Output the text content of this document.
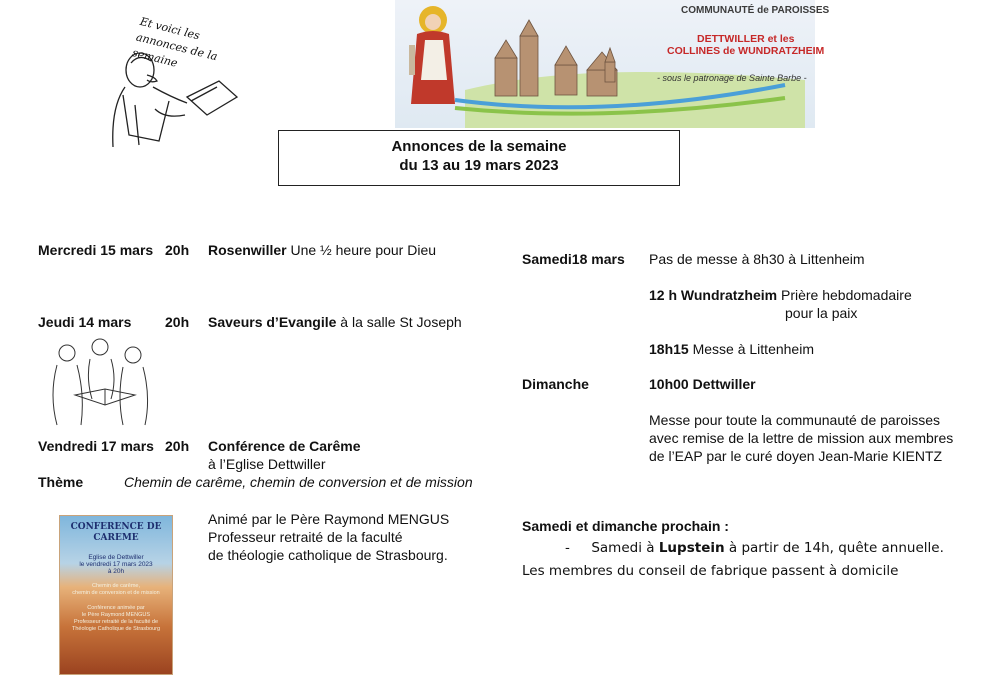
Et voici les annonces de la semaine
COMMUNAUTÉ de PAROISSES
DETTWILLER et les
COLLINES de WUNDRATZHEIM
- sous le patronage de Sainte Barbe -
Annonces de la semaine
du 13 au 19 mars 2023
Mercredi 15 mars 20h Rosenwiller Une ½ heure pour Dieu
Jeudi 14 mars 20h Saveurs d’Evangile à la salle St Joseph
Vendredi 17 mars 20h Conférence de Carême
à l’Eglise Dettwiller
Thème	Chemin de carême, chemin de conversion et de mission
CONFERENCE DE
CAREME
Eglise de Dettwiller
le vendredi 17 mars 2023
à 20h
Chemin de carême,
chemin de conversion et de mission
Conférence animée par
le Père Raymond MENGUS
Professeur retraité de la faculté de
Théologie Catholique de Strasbourg
Animé par le Père Raymond MENGUS
Professeur retraité de la faculté
de théologie catholique de Strasbourg.
Samedi18 mars Pas de messe à 8h30 à Littenheim
12 h Wundratzheim Prière hebdomadaire
pour la paix
18h15 Messe à Littenheim
Dimanche	10h00 Dettwiller
Messe pour toute la communauté de paroisses
avec remise de la lettre de mission aux membres
de l’EAP par le curé doyen Jean-Marie KIENTZ
Samedi et dimanche prochain :
-     Samedi à Lupstein à partir de 14h, quête annuelle.
Les membres du conseil de fabrique passent à domicile
